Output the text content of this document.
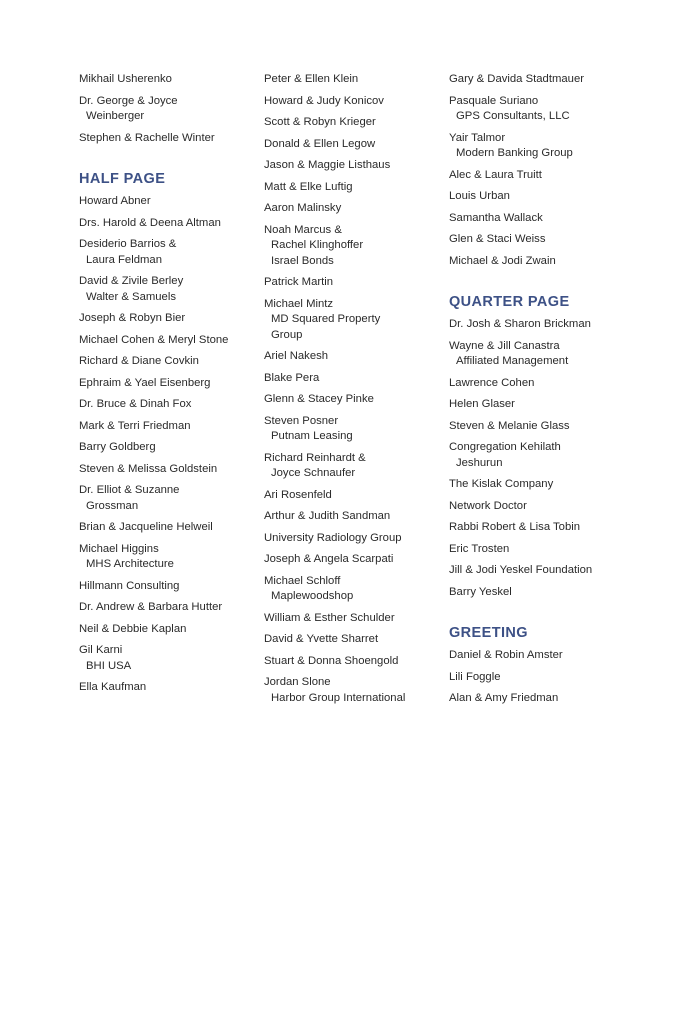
Mikhail Usherenko
Dr. George & Joyce
Weinberger
Stephen & Rachelle Winter
HALF PAGE
Howard Abner
Drs. Harold & Deena Altman
Desiderio Barrios &
Laura Feldman
David & Zivile Berley
Walter & Samuels
Joseph & Robyn Bier
Michael Cohen & Meryl Stone
Richard & Diane Covkin
Ephraim & Yael Eisenberg
Dr. Bruce & Dinah Fox
Mark & Terri Friedman
Barry Goldberg
Steven & Melissa Goldstein
Dr. Elliot & Suzanne
Grossman
Brian & Jacqueline Helweil
Michael Higgins
MHS Architecture
Hillmann Consulting
Dr. Andrew & Barbara Hutter
Neil & Debbie Kaplan
Gil Karni
BHI USA
Ella Kaufman
Peter & Ellen Klein
Howard & Judy Konicov
Scott & Robyn Krieger
Donald & Ellen Legow
Jason & Maggie Listhaus
Matt & Elke Luftig
Aaron Malinsky
Noah Marcus &
Rachel Klinghoffer
Israel Bonds
Patrick Martin
Michael Mintz
MD Squared Property
Group
Ariel Nakesh
Blake Pera
Glenn & Stacey Pinke
Steven Posner
Putnam Leasing
Richard Reinhardt &
Joyce Schnaufer
Ari Rosenfeld
Arthur & Judith Sandman
University Radiology Group
Joseph & Angela Scarpati
Michael Schloff
Maplewoodshop
William & Esther Schulder
David & Yvette Sharret
Stuart & Donna Shoengold
Jordan Slone
Harbor Group International
Gary & Davida Stadtmauer
Pasquale Suriano
GPS Consultants, LLC
Yair Talmor
Modern Banking Group
Alec & Laura Truitt
Louis Urban
Samantha Wallack
Glen & Staci Weiss
Michael & Jodi Zwain
QUARTER PAGE
Dr. Josh & Sharon Brickman
Wayne & Jill Canastra
Affiliated Management
Lawrence Cohen
Helen Glaser
Steven & Melanie Glass
Congregation Kehilath
Jeshurun
The Kislak Company
Network Doctor
Rabbi Robert & Lisa Tobin
Eric Trosten
Jill & Jodi Yeskel Foundation
Barry Yeskel
GREETING
Daniel & Robin Amster
Lili Foggle
Alan & Amy Friedman
